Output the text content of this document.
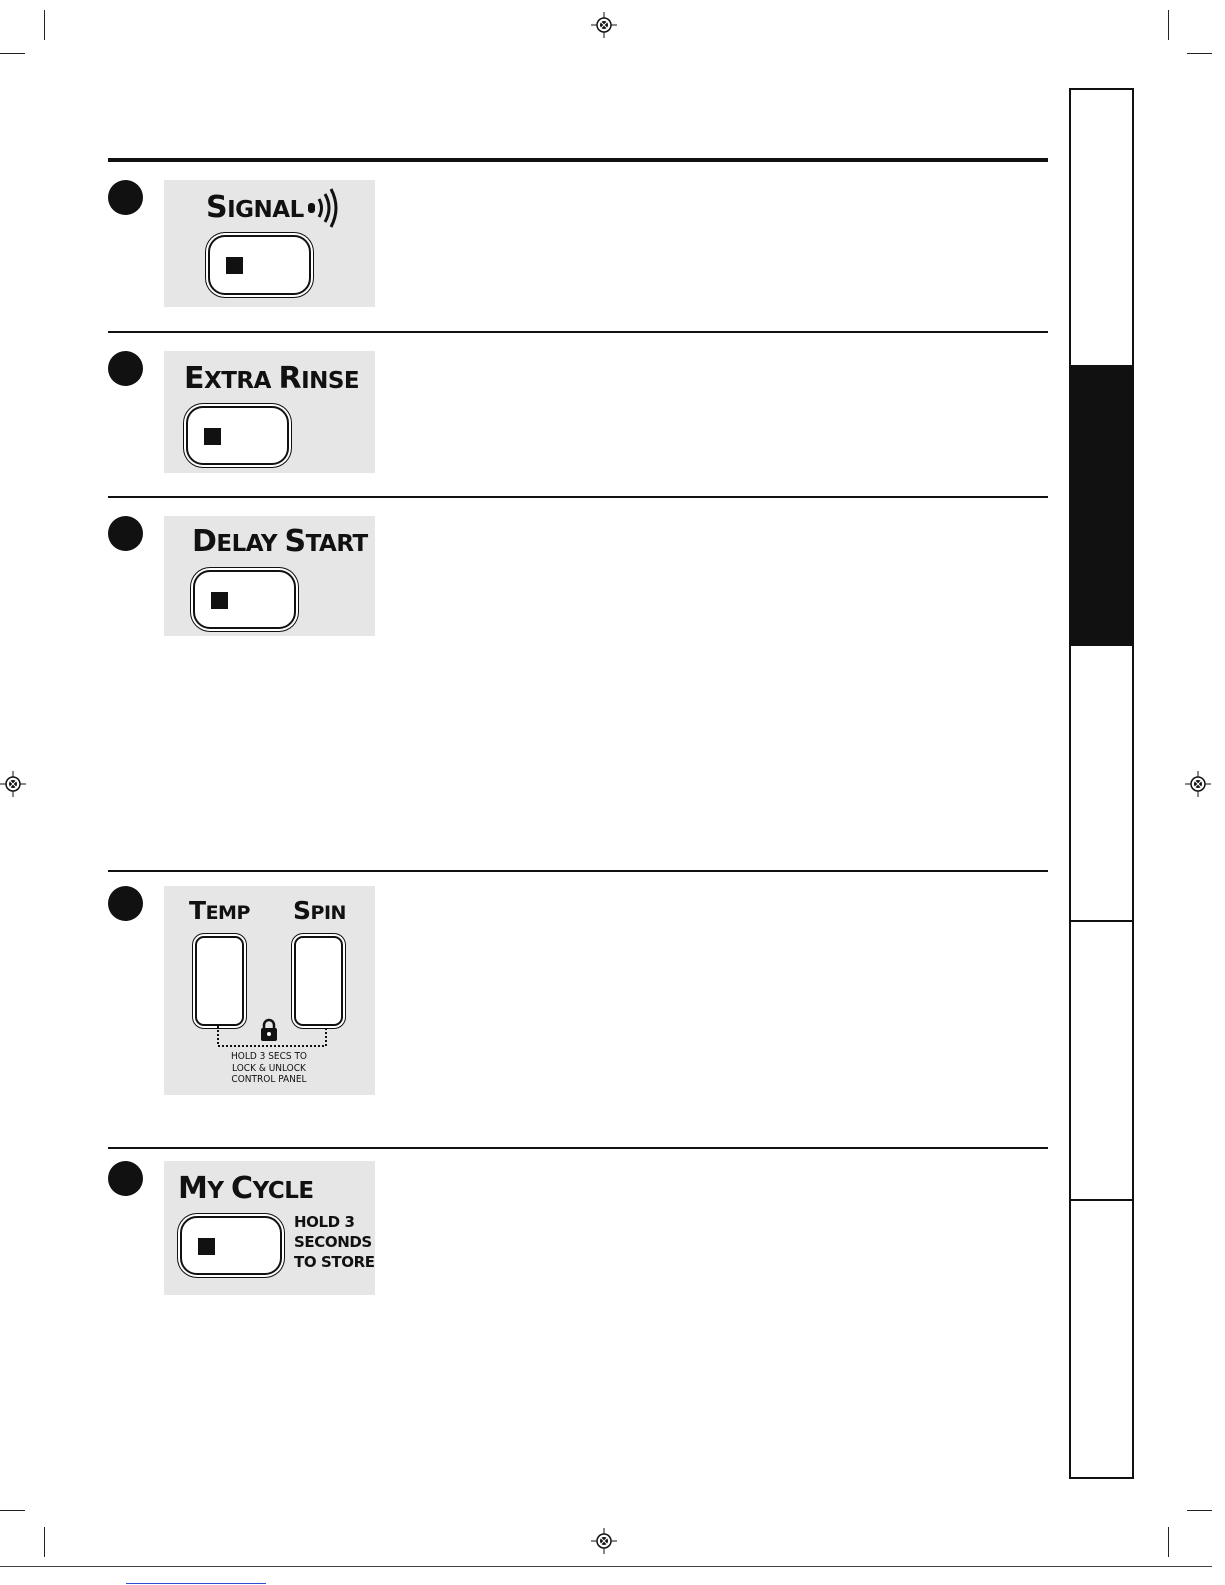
SIGNAL
EXTRA RINSE
DELAY START
TEMP SPIN
HOLD 3 SECS TO
LOCK & UNLOCK
CONTROL PANEL
MY CYCLE
HOLD 3
SECONDS
TO STORE
